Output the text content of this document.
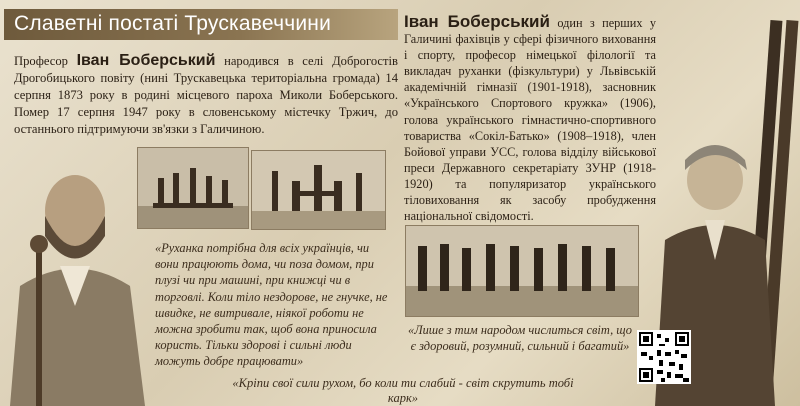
Славетні постаті Трускавеччини
Професор Іван Боберський народився в селі Доброгостів Дрогобицького повіту (нині Трускавецька територіальна громада) 14 серпня 1873 року в родині місцевого пароха Миколи Боберського. Помер 17 серпня 1947 року в словенському містечку Тржич, до останнього підтримуючи зв'язки з Галичиною.
Іван Боберський один з перших у Галичині фахівців у сфері фізичного виховання і спорту, професор німецької філології та викладач руханки (фізкультури) у Львівській академічній гімназії (1901-1918), засновник «Українського Спортового кружка» (1906), голова українського гімнастично-спортивного товариства «Сокіл-Батько» (1908–1918), член Бойової управи УСС, голова відділу військової преси Державного секретаріату ЗУНР (1918-1920) та популяризатор українського тіловиховання як засобу пробудження національної свідомості.
«Руханка потрібна для всіх українців, чи вони працюють дома, чи поза домом, при плузі чи при машині, при книжці чи в торговлі. Коли тіло нездорове, не гнучке, не швидке, не витривале, ніякої роботи не можна зробити так, щоб вона приносила користь. Тільки здорові і сильні люди можуть добре працювати»
«Лише з тим народом числиться світ, що є здоровий, розумний, сильний і багатий»
«Кріпи свої сили рухом, бо коли ти слабий - світ скрутить тобі карк»
